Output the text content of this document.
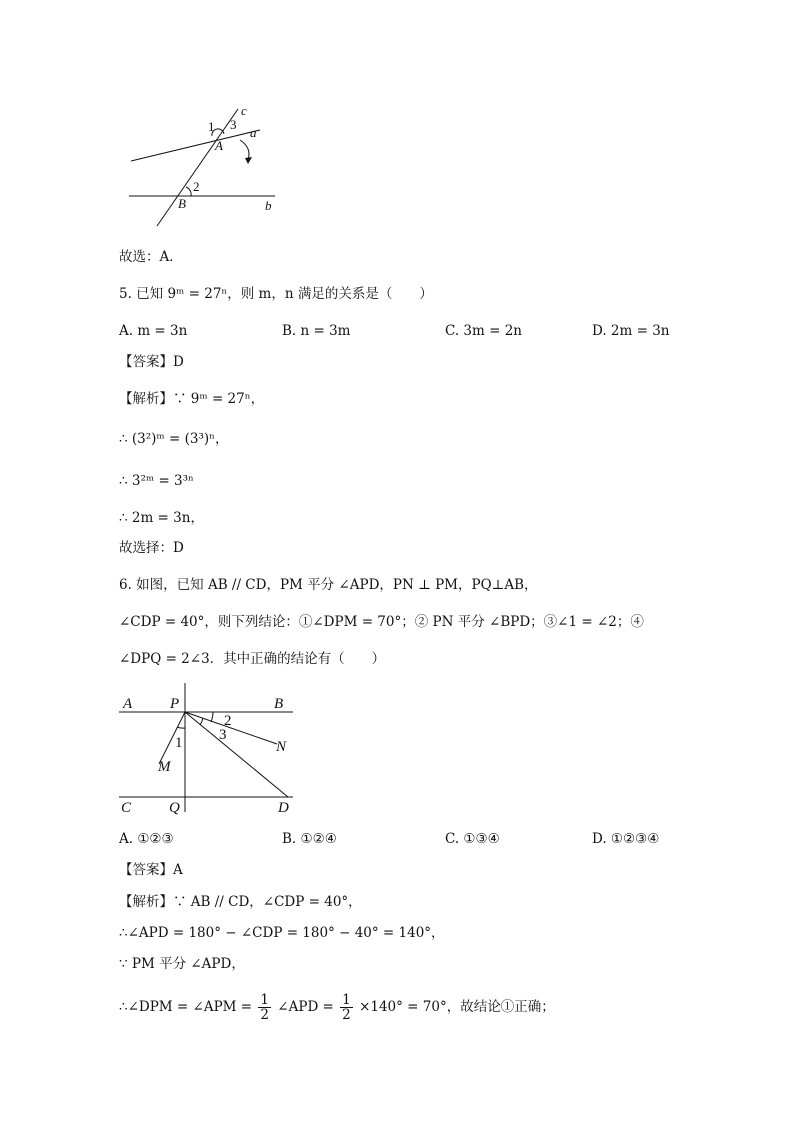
c
1 3
a
A
2
B	b
故选：A．
5. 已知 9ᵐ = 27ⁿ，则 m，n 满足的关系是（　　）
A. m = 3n	B. n = 3m	C. 3m = 2n	D. 2m = 3n
【答案】D
【解析】∵ 9ᵐ = 27ⁿ，
∴ (3²)ᵐ = (3³)ⁿ，
∴ 3²ᵐ = 3³ⁿ
∴ 2m = 3n，
故选择：D
6. 如图，已知 AB // CD，PM 平分 ∠APD，PN ⊥ PM，PQ⊥AB，
∠CDP = 40°，则下列结论：①∠DPM = 70°；② PN 平分 ∠BPD；③∠1 = ∠2；④
∠DPQ = 2∠3．其中正确的结论有（　　）
A	P	B
2
3
1	N
M
C	Q	D
A. ①②③	B. ①②④	C. ①③④	D. ①②③④
【答案】A
【解析】∵ AB // CD，∠CDP = 40°，
∴∠APD = 180° − ∠CDP = 180° − 40° = 140°，
∵ PM 平分 ∠APD，
∴∠DPM = ∠APM = $\frac{1}{2}$ ∠APD = $\frac{1}{2} \times 140^\circ = 70^\circ$，故结论①正确；
